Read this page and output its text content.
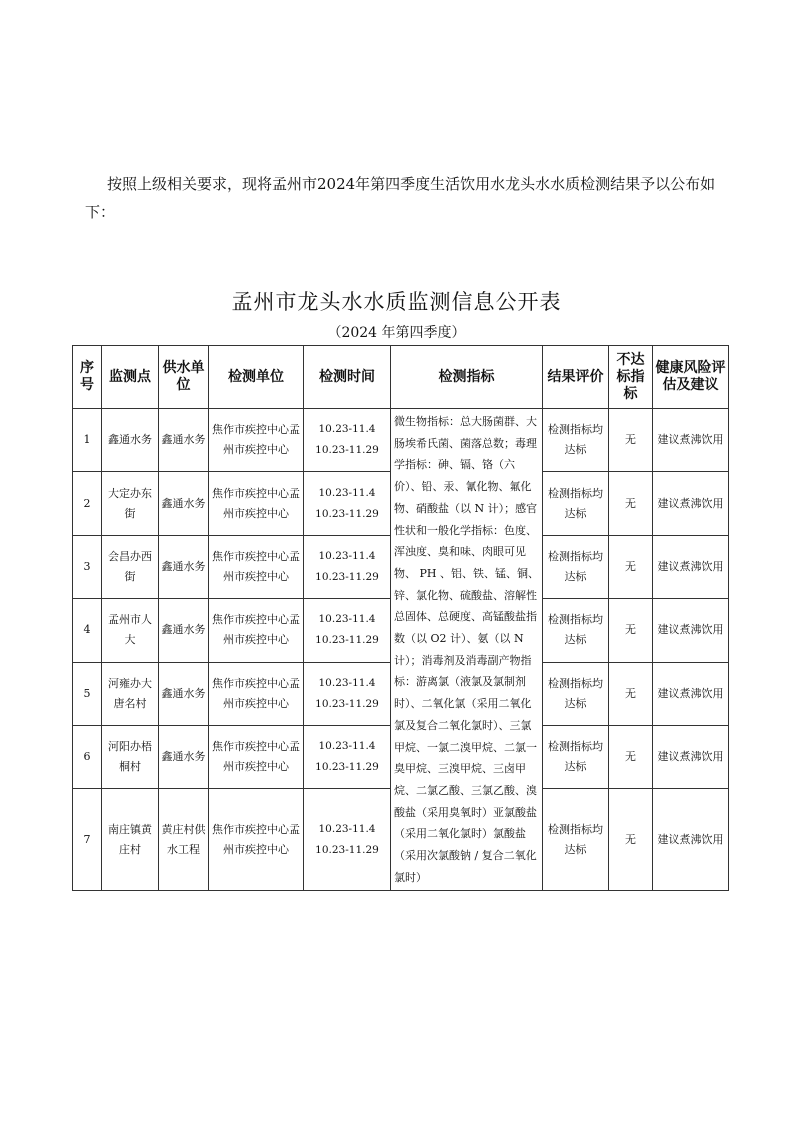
按照上级相关要求，现将孟州市2024年第四季度生活饮用水龙头水水质检测结果予以公布如下：

孟州市龙头水水质监测信息公开表
（2024 年第四季度）
序号	监测点	供水单位	检测单位	检测时间	检测指标	结果评价	不达标指标	健康风险评估及建议
1	鑫通水务	鑫通水务	焦作市疾控中心孟州市疾控中心	10.23-11.4
10.23-11.29	微生物指标：总大肠菌群、大肠埃希氏菌、菌落总数；毒理学指标：砷、镉、铬（六价）、铅、汞、氰化物、氟化物、硝酸盐（以 N 计）；感官性状和一般化学指标：色度、浑浊度、臭和味、肉眼可见物、 PH 、铝、铁、锰、铜、锌、氯化物、硫酸盐、溶解性总固体、总硬度、高锰酸盐指数（以 O2 计）、氨（以 N 计）；消毒剂及消毒副产物指标：游离氯（液氯及氯制剂时）、二氧化氯（采用二氧化氯及复合二氧化氯时）、三氯甲烷、一氯二溴甲烷、二氯一臭甲烷、三溴甲烷、三卤甲烷、二氯乙酸、三氯乙酸、溴酸盐（采用臭氧时）亚氯酸盐（采用二氧化氯时）氯酸盐（采用次氯酸钠 / 复合二氧化氯时）	检测指标均达标	无	建议煮沸饮用
2	大定办东街	鑫通水务	焦作市疾控中心孟州市疾控中心	10.23-11.4
10.23-11.29		检测指标均达标	无	建议煮沸饮用
3	会昌办西街	鑫通水务	焦作市疾控中心孟州市疾控中心	10.23-11.4
10.23-11.29		检测指标均达标	无	建议煮沸饮用
4	孟州市人大	鑫通水务	焦作市疾控中心孟州市疾控中心	10.23-11.4
10.23-11.29		检测指标均达标	无	建议煮沸饮用
5	河雍办大唐名村	鑫通水务	焦作市疾控中心孟州市疾控中心	10.23-11.4
10.23-11.29		检测指标均达标	无	建议煮沸饮用
6	河阳办梧桐村	鑫通水务	焦作市疾控中心孟州市疾控中心	10.23-11.4
10.23-11.29		检测指标均达标	无	建议煮沸饮用
7	南庄镇黄庄村	黄庄村供水工程	焦作市疾控中心孟州市疾控中心	10.23-11.4
10.23-11.29		检测指标均达标	无	建议煮沸饮用
